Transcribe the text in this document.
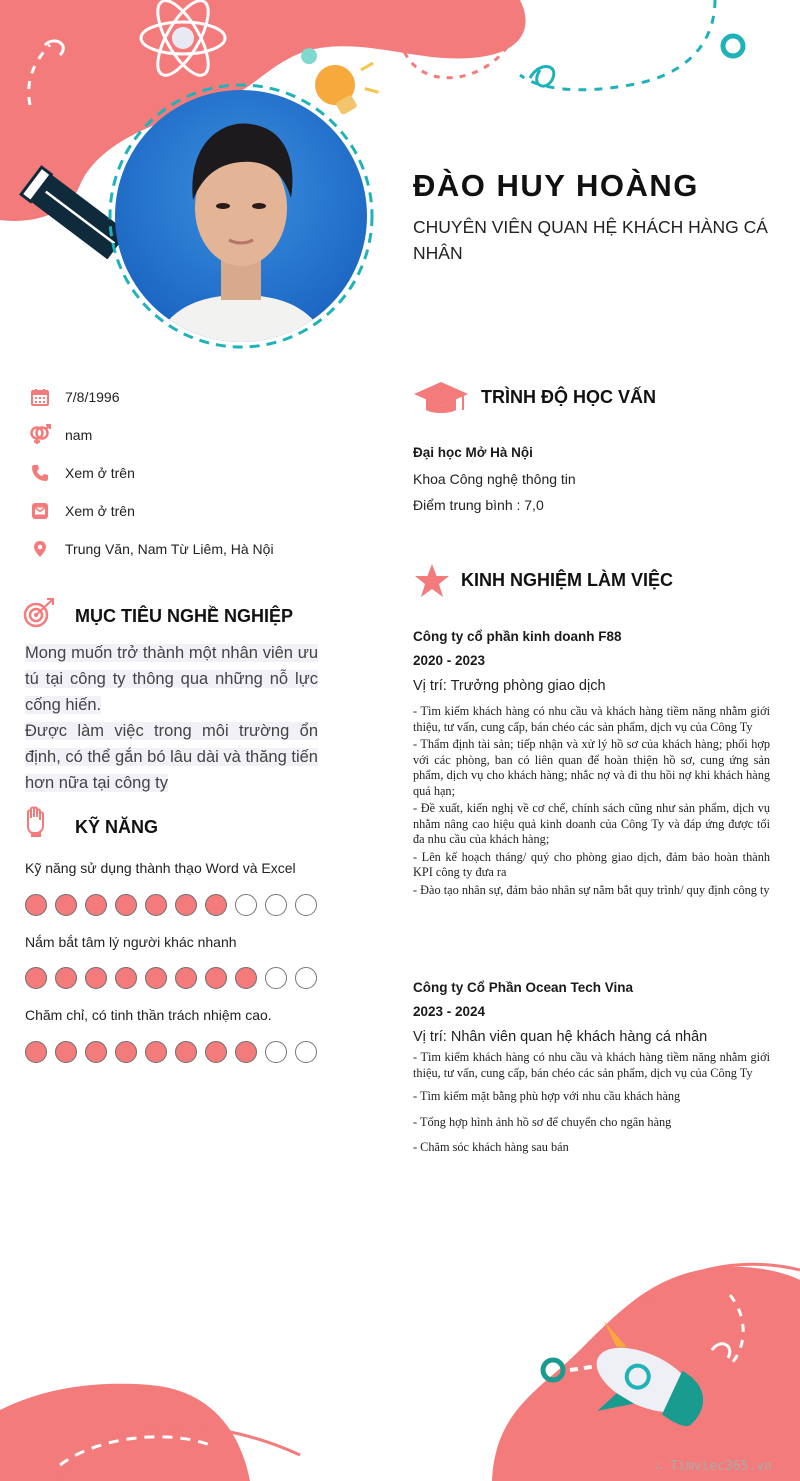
ĐÀO HUY HOÀNG
CHUYÊN VIÊN QUAN HỆ KHÁCH HÀNG CÁ NHÂN
7/8/1996
nam
Xem ở trên
Xem ở trên
Trung Văn, Nam Từ Liêm, Hà Nội
MỤC TIÊU NGHỀ NGHIỆP

Mong muốn trở thành một nhân viên ưu tú tại công ty thông qua những nỗ lực cống hiến.

Được làm việc trong môi trường ổn định, có thể gắn bó lâu dài và thăng tiến hơn nữa tại công ty

KỸ NĂNG
Kỹ năng sử dụng thành thạo Word và Excel
Nắm bắt tâm lý người khác nhanh
Chăm chỉ, có tinh thần trách nhiệm cao.
TRÌNH ĐỘ HỌC VẤN
Đại học Mở Hà Nội
Khoa Công nghệ thông tin
Điểm trung bình : 7,0
KINH NGHIỆM LÀM VIỆC
Công ty cổ phần kinh doanh F88
2020 - 2023
Vị trí: Trưởng phòng giao dịch
- Tìm kiếm khách hàng có nhu cầu và khách hàng tiềm năng nhằm giới thiệu, tư vấn, cung cấp, bán chéo các sản phẩm, dịch vụ của Công Ty
- Thẩm định tài sản; tiếp nhận và xử lý hồ sơ của khách hàng; phối hợp với các phòng, ban có liên quan để hoàn thiện hồ sơ, cung ứng sản phẩm, dịch vụ cho khách hàng; nhắc nợ và đi thu hồi nợ khi khách hàng quá hạn;
- Đề xuất, kiến nghị về cơ chế, chính sách cũng như sản phẩm, dịch vụ nhằm nâng cao hiệu quả kinh doanh của Công Ty và đáp ứng được tối đa nhu cầu của khách hàng;
- Lên kế hoạch tháng/ quý cho phòng giao dịch, đảm bảo hoàn thành KPI công ty đưa ra
- Đào tạo nhân sự, đảm bảo nhân sự nắm bắt quy trình/ quy định công ty
Công ty Cổ Phần Ocean Tech Vina
2023 - 2024
Vị trí: Nhân viên quan hệ khách hàng cá nhân
- Tìm kiếm khách hàng có nhu cầu và khách hàng tiềm năng nhằm giới thiệu, tư vấn, cung cấp, bán chéo các sản phẩm, dịch vụ của Công Ty
- Tìm kiếm mặt bằng phù hợp với nhu cầu khách hàng
- Tổng hợp hình ảnh hồ sơ để chuyển cho ngân hàng
- Chăm sóc khách hàng sau bán
∴ Timviec365.vn
